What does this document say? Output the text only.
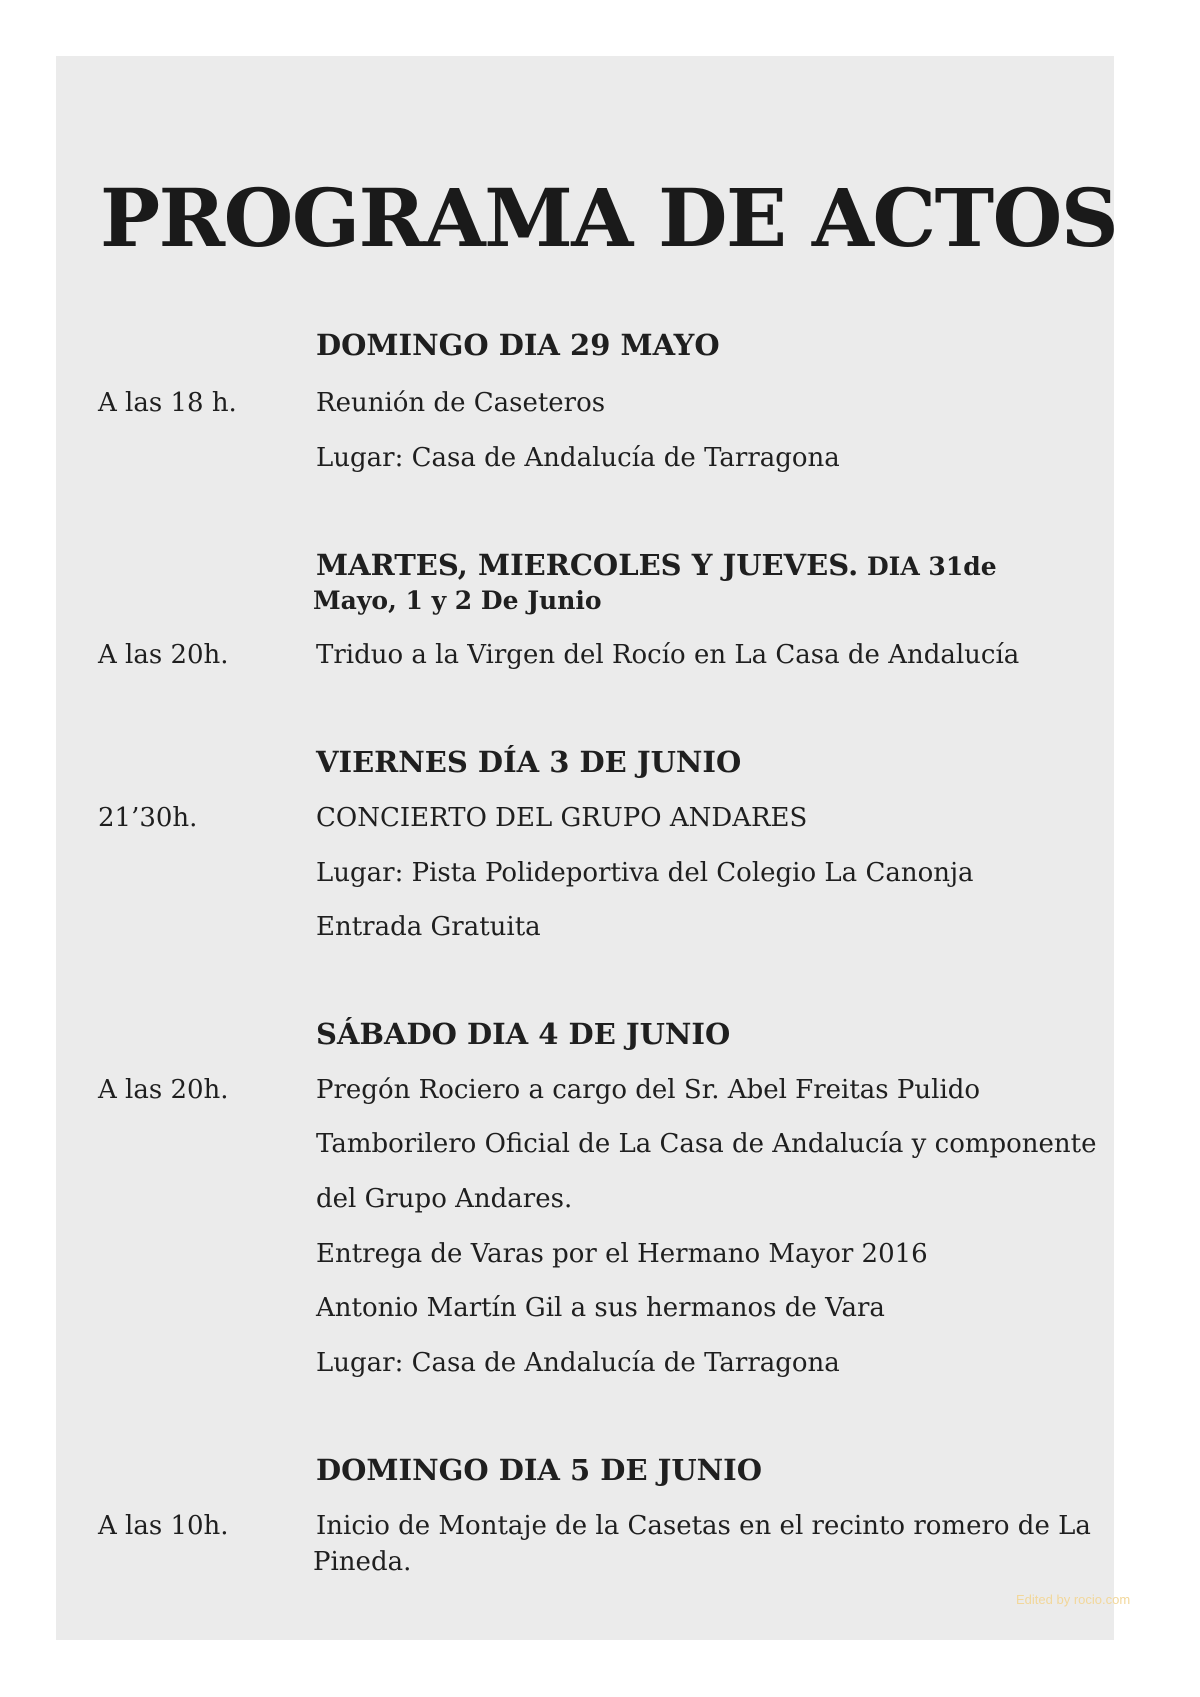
PROGRAMA DE ACTOS
DOMINGO DIA 29 MAYO
A las 18 h.	Reunión de Caseteros
Lugar: Casa de Andalucía de Tarragona
MARTES, MIERCOLES Y JUEVES. DIA 31de
Mayo, 1 y 2 De Junio
A las 20h.	Triduo a la Virgen del Rocío en La Casa de Andalucía
VIERNES DÍA 3 DE JUNIO
21’30h.	CONCIERTO DEL GRUPO ANDARES
Lugar: Pista Polideportiva del Colegio La Canonja
Entrada Gratuita
SÁBADO DIA 4 DE JUNIO
A las 20h.	Pregón Rociero a cargo del Sr. Abel Freitas Pulido
Tamborilero Oficial de La Casa de Andalucía y componente
del Grupo Andares.
Entrega de Varas por el Hermano Mayor 2016
Antonio Martín Gil a sus hermanos de Vara
Lugar: Casa de Andalucía de Tarragona
DOMINGO DIA 5 DE JUNIO
A las 10h.	Inicio de Montaje de la Casetas en el recinto romero de La
Pineda.
Edited by rocio.com
